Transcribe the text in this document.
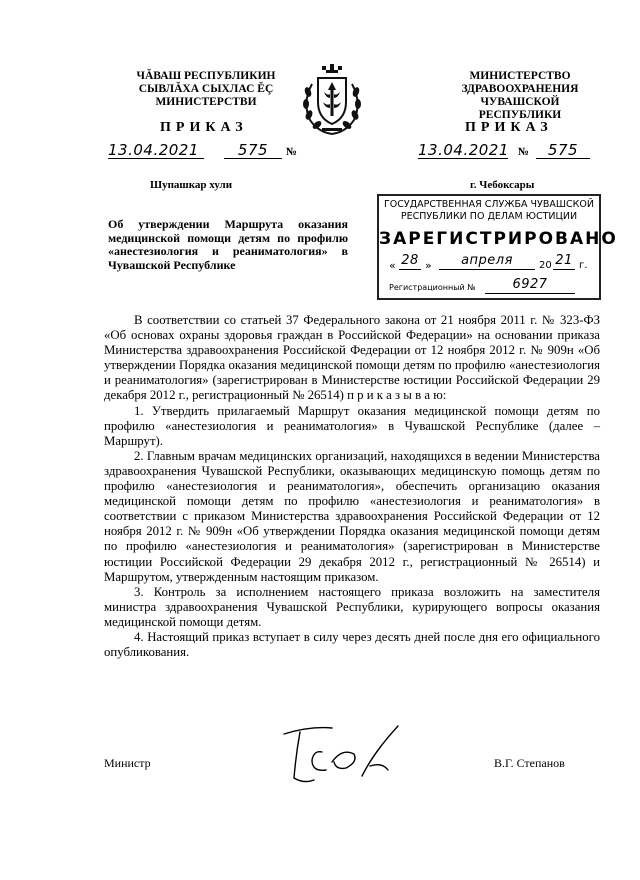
ЧĂВАШ РЕСПУБЛИКИН
СЫВЛĂХА СЫХЛАС ĔÇ
МИНИСТЕРСТВИ
МИНИСТЕРСТВО
ЗДРАВООХРАНЕНИЯ
ЧУВАШСКОЙ РЕСПУБЛИКИ
ПРИКАЗ
13.04.2021	575	№
Шупашкар хули
ПРИКАЗ
13.04.2021 №	575
г. Чебоксары
Об утверждении Маршрута оказания медицинской помощи детям по профилю «анестезиология и реаниматология» в Чувашской Республике
ГОСУДАРСТВЕННАЯ СЛУЖБА ЧУВАШСКОЙ
РЕСПУБЛИКИ ПО ДЕЛАМ ЮСТИЦИИ
ЗАРЕГИСТРИРОВАНО
« 28 »	апреля	20 21 г.
Регистрационный №	6927

В соответствии со статьей 37 Федерального закона от 21 ноября 2011 г. № 323-ФЗ «Об основах охраны здоровья граждан в Российской Федерации» на основании приказа Министерства здравоохранения Российской Федерации от 12 ноября 2012 г. № 909н «Об утверждении Порядка оказания медицинской помощи детям по профилю «анестезиология и реаниматология» (зарегистрирован в Министерстве юстиции Российской Федерации 29 декабря 2012 г., регистрационный № 26514) п р и к а з ы в а ю:

1. Утвердить прилагаемый Маршрут оказания медицинской помощи детям по профилю «анестезиология и реаниматология» в Чувашской Республике (далее – Маршрут).

2. Главным врачам медицинских организаций, находящихся в ведении Министерства здравоохранения Чувашской Республики, оказывающих медицинскую помощь детям по профилю «анестезиология и реаниматология», обеспечить организацию оказания медицинской помощи детям по профилю «анестезиология и реаниматология» в соответствии с приказом Министерства здравоохранения Российской Федерации от 12 ноября 2012 г. № 909н «Об утверждении Порядка оказания медицинской помощи детям по профилю «анестезиология и реаниматология» (зарегистрирован в Министерстве юстиции Российской Федерации 29 декабря 2012 г., регистрационный № 26514) и Маршрутом, утвержденным настоящим приказом.

3. Контроль за исполнением настоящего приказа возложить на заместителя министра здравоохранения Чувашской Республики, курирующего вопросы оказания медицинской помощи детям.

4. Настоящий приказ вступает в силу через десять дней после дня его официального опубликования.

Министр	В.Г. Степанов
